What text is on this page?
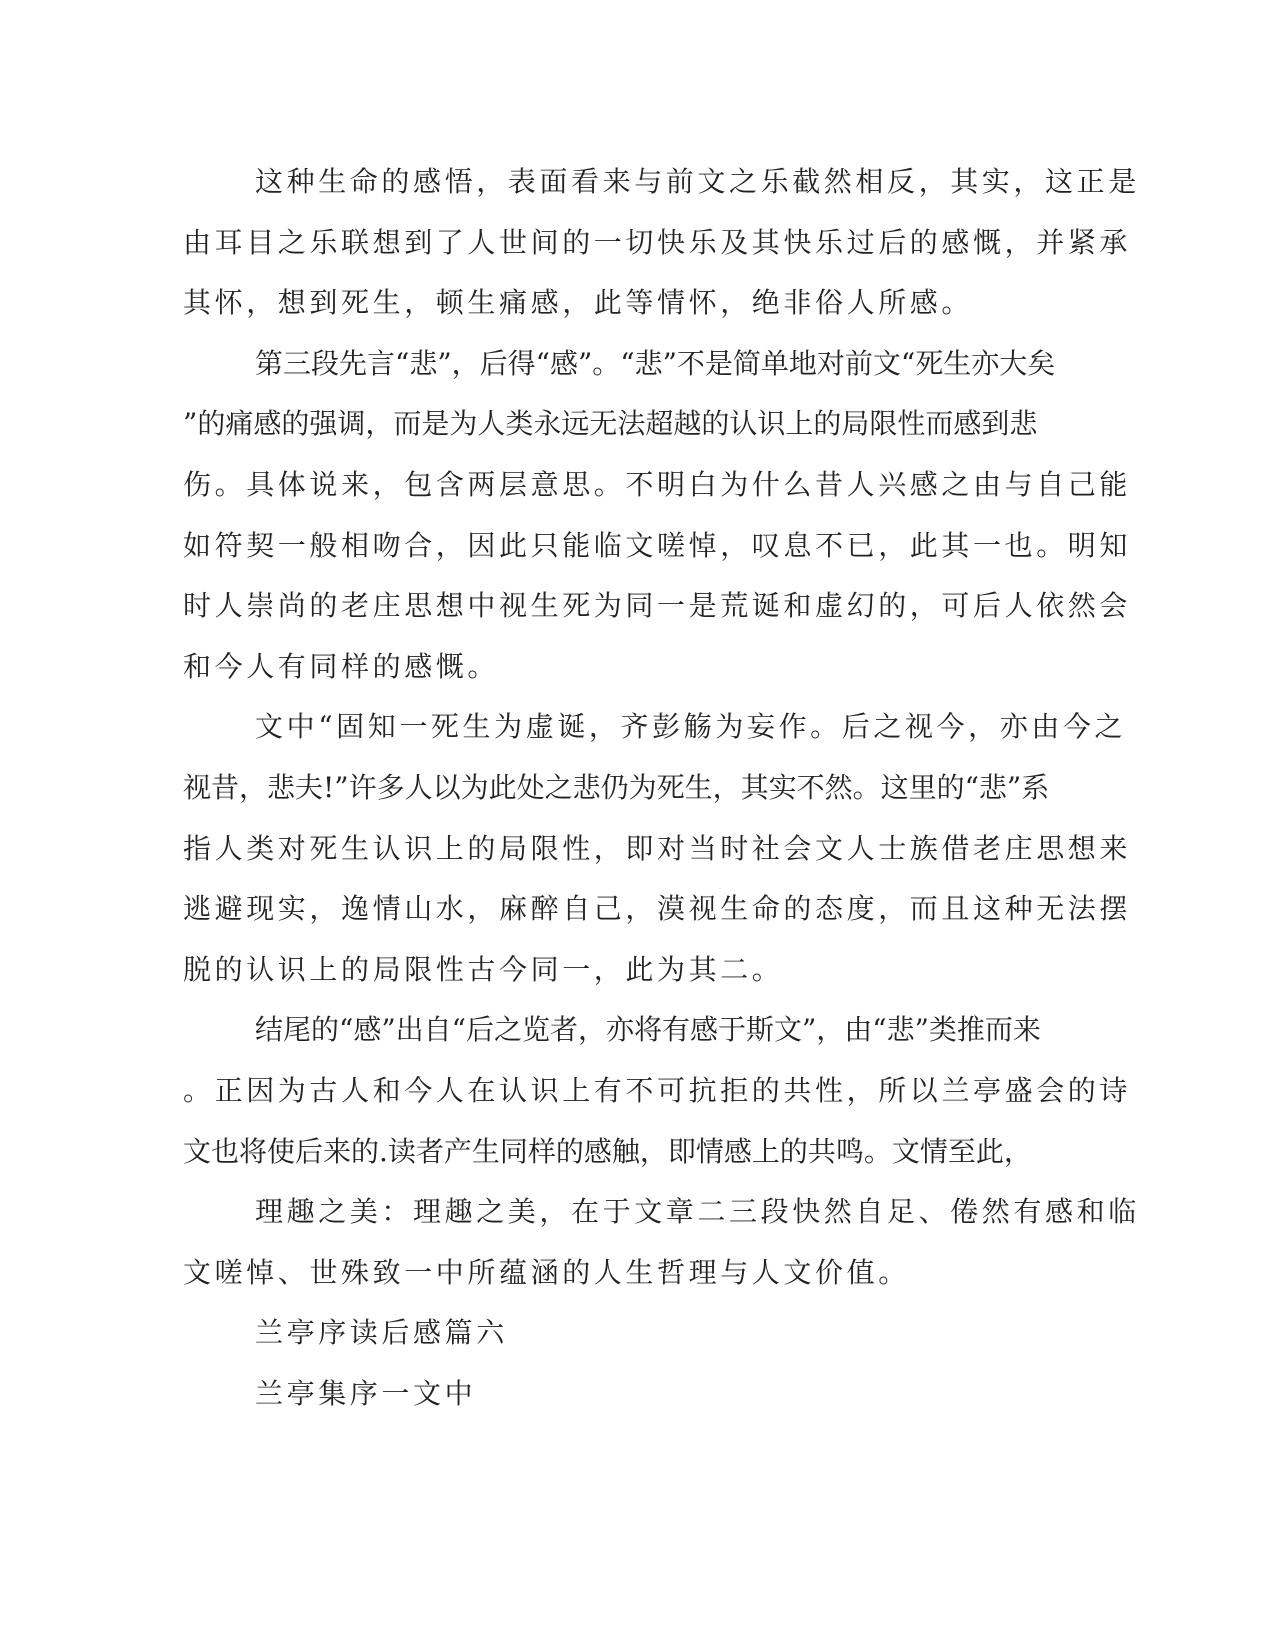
这种生命的感悟，表面看来与前文之乐截然相反，其实，这正是
由耳目之乐联想到了人世间的一切快乐及其快乐过后的感慨，并紧承
其怀，想到死生，顿生痛感，此等情怀，绝非俗人所感。
第三段先言“悲”，后得“感”。“悲”不是简单地对前文“死生亦大矣
”的痛感的强调，而是为人类永远无法超越的认识上的局限性而感到悲
伤。具体说来，包含两层意思。不明白为什么昔人兴感之由与自己能
如符契一般相吻合，因此只能临文嗟悼，叹息不已，此其一也。明知
时人崇尚的老庄思想中视生死为同一是荒诞和虚幻的，可后人依然会
和今人有同样的感慨。
文中“固知一死生为虚诞，齐彭觞为妄作。后之视今，亦由今之
视昔，悲夫!”许多人以为此处之悲仍为死生，其实不然。这里的“悲”系
指人类对死生认识上的局限性，即对当时社会文人士族借老庄思想来
逃避现实，逸情山水，麻醉自己，漠视生命的态度，而且这种无法摆
脱的认识上的局限性古今同一，此为其二。
结尾的“感”出自“后之览者，亦将有感于斯文”，由“悲”类推而来
。正因为古人和今人在认识上有不可抗拒的共性，所以兰亭盛会的诗
文也将使后来的.读者产生同样的感触，即情感上的共鸣。文情至此，
理趣之美：理趣之美，在于文章二三段快然自足、倦然有感和临
文嗟悼、世殊致一中所蕴涵的人生哲理与人文价值。
兰亭序读后感篇六
兰亭集序一文中
